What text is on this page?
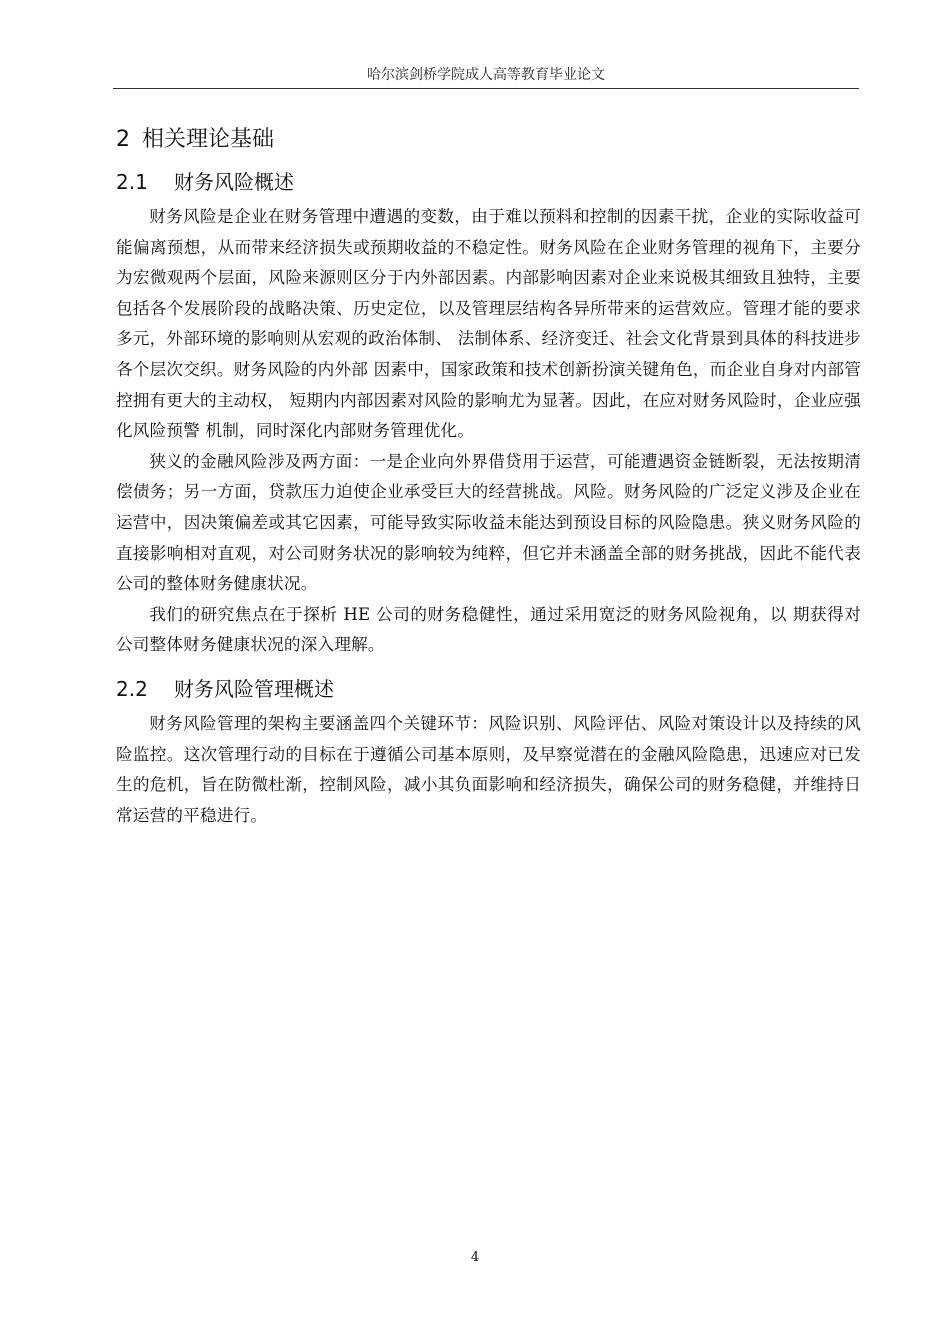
哈尔滨剑桥学院成人高等教育毕业论文
2 相关理论基础
2.1 财务风险概述

财务风险是企业在财务管理中遭遇的变数，由于难以预料和控制的因素干扰，企业的实际收益可能偏离预想，从而带来经济损失或预期收益的不稳定性。财务风险在企业财务管理的视角下，主要分为宏微观两个层面，风险来源则区分于内外部因素。内部影响因素对企业来说极其细致且独特，主要包括各个发展阶段的战略决策、历史定位，以及管理层结构各异所带来的运营效应。管理才能的要求多元，外部环境的影响则从宏观的政治体制、 法制体系、经济变迁、社会文化背景到具体的科技进步各个层次交织。财务风险的内外部 因素中，国家政策和技术创新扮演关键角色，而企业自身对内部管控拥有更大的主动权， 短期内内部因素对风险的影响尤为显著。因此，在应对财务风险时，企业应强化风险预警 机制，同时深化内部财务管理优化。

狭义的金融风险涉及两方面：一是企业向外界借贷用于运营，可能遭遇资金链断裂，无法按期清偿债务；另一方面，贷款压力迫使企业承受巨大的经营挑战。风险。财务风险的广泛定义涉及企业在运营中，因决策偏差或其它因素，可能导致实际收益未能达到预设目标的风险隐患。狭义财务风险的直接影响相对直观，对公司财务状况的影响较为纯粹，但它并未涵盖全部的财务挑战，因此不能代表公司的整体财务健康状况。

我们的研究焦点在于探析 HE 公司的财务稳健性，通过采用宽泛的财务风险视角，以 期获得对公司整体财务健康状况的深入理解。

2.2 财务风险管理概述

财务风险管理的架构主要涵盖四个关键环节：风险识别、风险评估、风险对策设计以及持续的风险监控。这次管理行动的目标在于遵循公司基本原则，及早察觉潜在的金融风险隐患，迅速应对已发生的危机，旨在防微杜渐，控制风险，减小其负面影响和经济损失，确保公司的财务稳健，并维持日常运营的平稳进行。

4
